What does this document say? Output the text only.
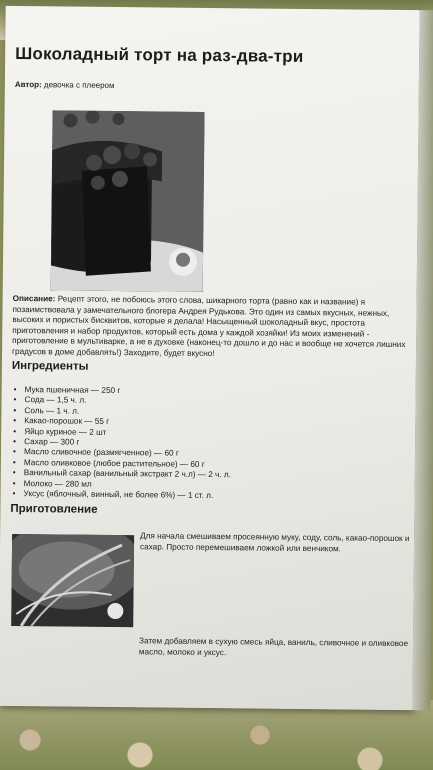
Шоколадный торт на раз-два-три
Автор: девочка с плеером
Описание: Рецепт этого, не побоюсь этого слова, шикарного торта (равно как и название) я позаимствовала у замечательного блогера Андрея Рудькова. Это один из самых вкусных, нежных, высоких и пористых бисквитов, которые я делала! Насыщенный шоколадный вкус, простота приготовления и набор продуктов, который есть дома у каждой хозяйки! Из моих изменений - приготовление в мультиварке, а не в духовке (наконец-то дошло и до нас и вообще не хочется лишних градусов в доме добавлять!) Заходите, будет вкусно!
Ингредиенты
• Мука пшеничная — 250 г
• Сода — 1,5 ч. л.
• Соль — 1 ч. л.
• Какао-порошок — 55 г
• Яйцо куриное — 2 шт
• Сахар — 300 г
• Масло сливочное (размягченное) — 60 г
• Масло оливковое (любое растительное) — 60 г
• Ванильный сахар (ванильный экстракт 2 ч.л) — 2 ч. л.
• Молоко — 280 мл
• Уксус (яблочный, винный, не более 6%) — 1 ст. л.
Приготовление
Для начала смешиваем просеянную муку, соду, соль, какао-порошок и сахар. Просто перемешиваем ложкой или венчиком.
Затем добавляем в сухую смесь яйца, ваниль, сливочное и оливковое масло, молоко и уксус.
